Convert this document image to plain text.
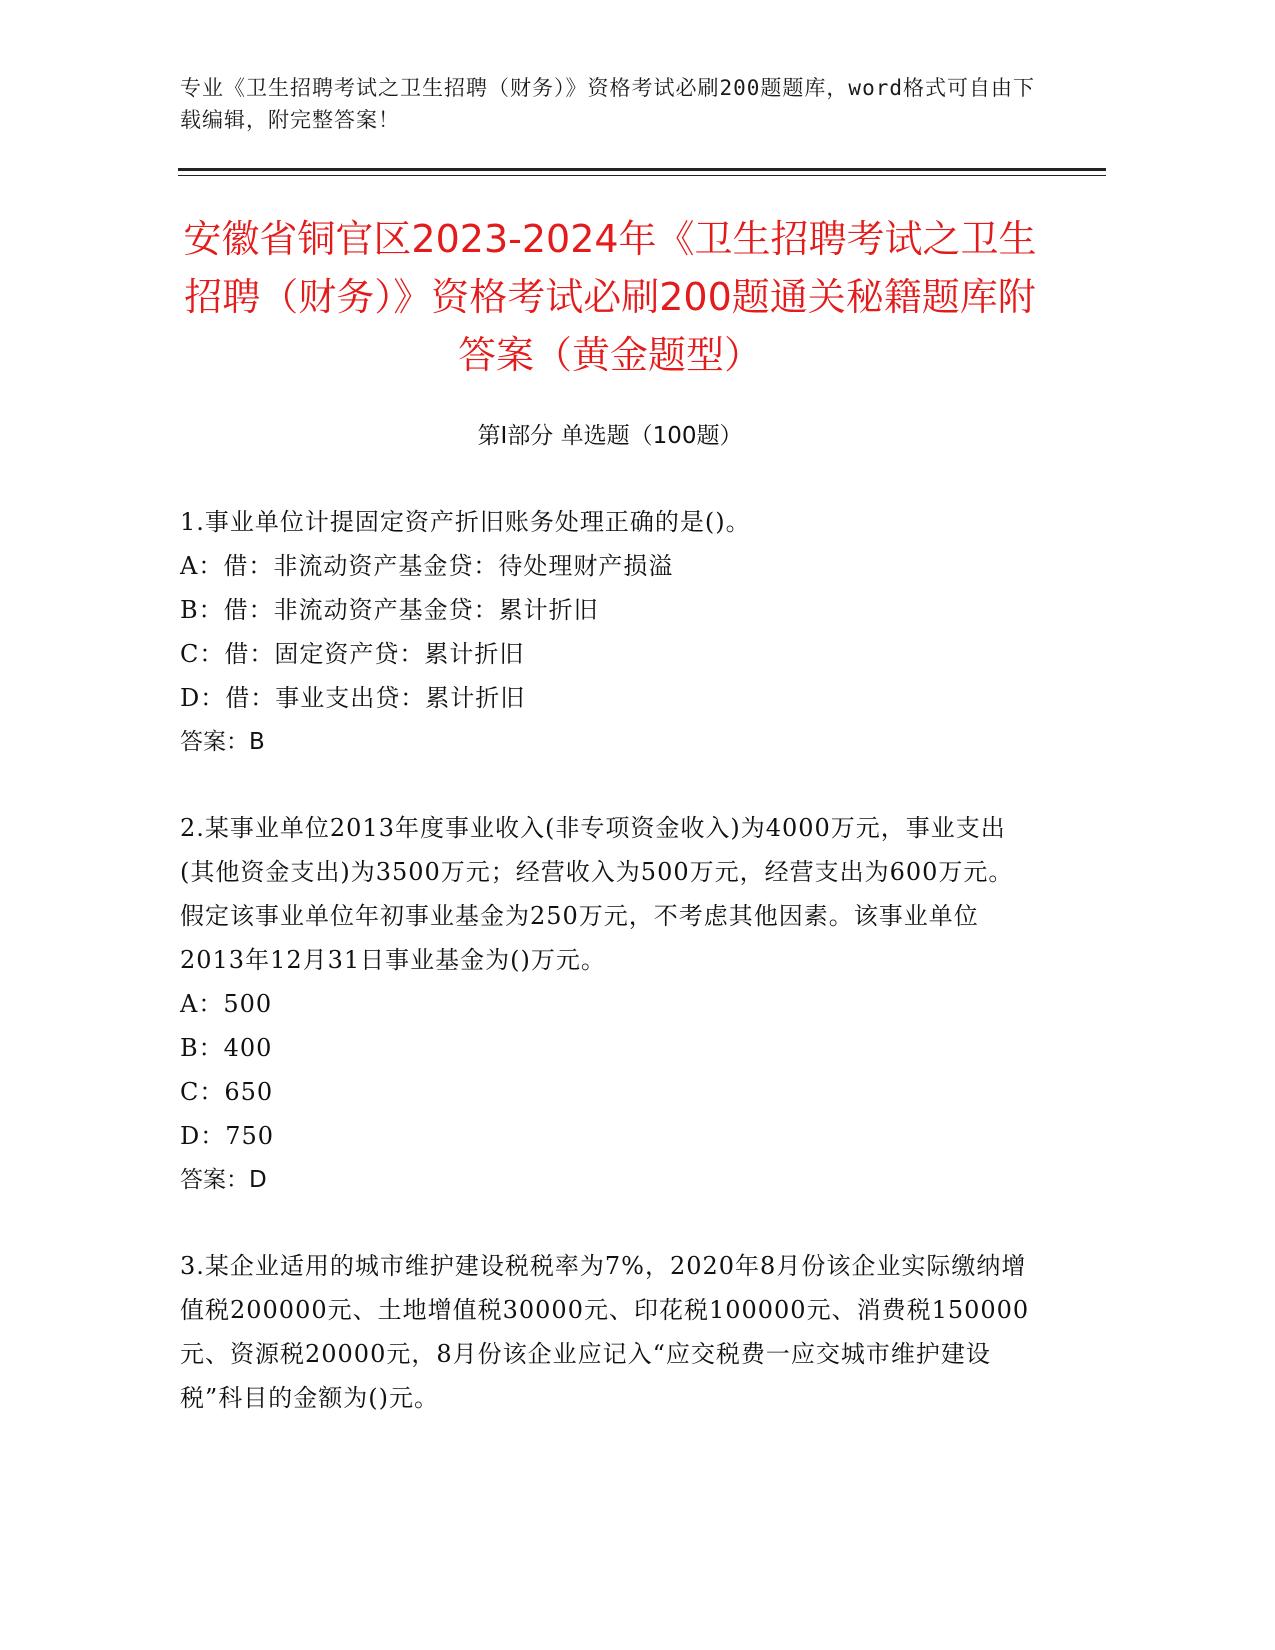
专业《卫生招聘考试之卫生招聘（财务）》资格考试必刷200题题库，word格式可自由下载编辑，附完整答案！
安徽省铜官区2023-2024年《卫生招聘考试之卫生招聘（财务）》资格考试必刷200题通关秘籍题库附答案（黄金题型）
第Ⅰ部分 单选题（100题）
1.事业单位计提固定资产折旧账务处理正确的是()。
A：借：非流动资产基金贷：待处理财产损溢
B：借：非流动资产基金贷：累计折旧
C：借：固定资产贷：累计折旧
D：借：事业支出贷：累计折旧
答案：B
2.某事业单位2013年度事业收入(非专项资金收入)为4000万元，事业支出(其他资金支出)为3500万元；经营收入为500万元，经营支出为600万元。假定该事业单位年初事业基金为250万元，不考虑其他因素。该事业单位2013年12月31日事业基金为()万元。
A：500
B：400
C：650
D：750
答案：D
3.某企业适用的城市维护建设税税率为7%，2020年8月份该企业实际缴纳增值税200000元、土地增值税30000元、印花税100000元、消费税150000元、资源税20000元，8月份该企业应记入“应交税费一应交城市维护建设税”科目的金额为()元。
